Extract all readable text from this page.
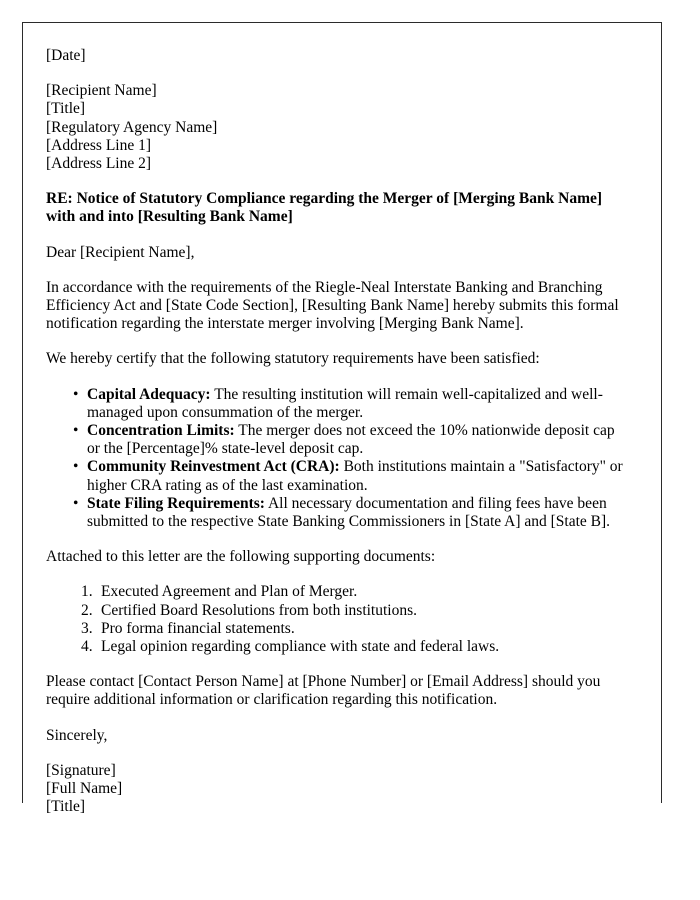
[Date]
[Recipient Name]
[Title]
[Regulatory Agency Name]
[Address Line 1]
[Address Line 2]
RE: Notice of Statutory Compliance regarding the Merger of [Merging Bank Name] with and into [Resulting Bank Name]

Dear [Recipient Name],

In accordance with the requirements of the Riegle-Neal Interstate Banking and Branching Efficiency Act and [State Code Section], [Resulting Bank Name] hereby submits this formal notification regarding the interstate merger involving [Merging Bank Name].

We hereby certify that the following statutory requirements have been satisfied:

• Capital Adequacy: The resulting institution will remain well-capitalized and well-managed upon consummation of the merger.
• Concentration Limits: The merger does not exceed the 10% nationwide deposit cap or the [Percentage]% state-level deposit cap.
• Community Reinvestment Act (CRA): Both institutions maintain a "Satisfactory" or higher CRA rating as of the last examination.
• State Filing Requirements: All necessary documentation and filing fees have been submitted to the respective State Banking Commissioners in [State A] and [State B].

Attached to this letter are the following supporting documents:

Executed Agreement and Plan of Merger.
Certified Board Resolutions from both institutions.
Pro forma financial statements.
Legal opinion regarding compliance with state and federal laws.

Please contact [Contact Person Name] at [Phone Number] or [Email Address] should you require additional information or clarification regarding this notification.

Sincerely,

[Signature]
[Full Name]
[Title]
